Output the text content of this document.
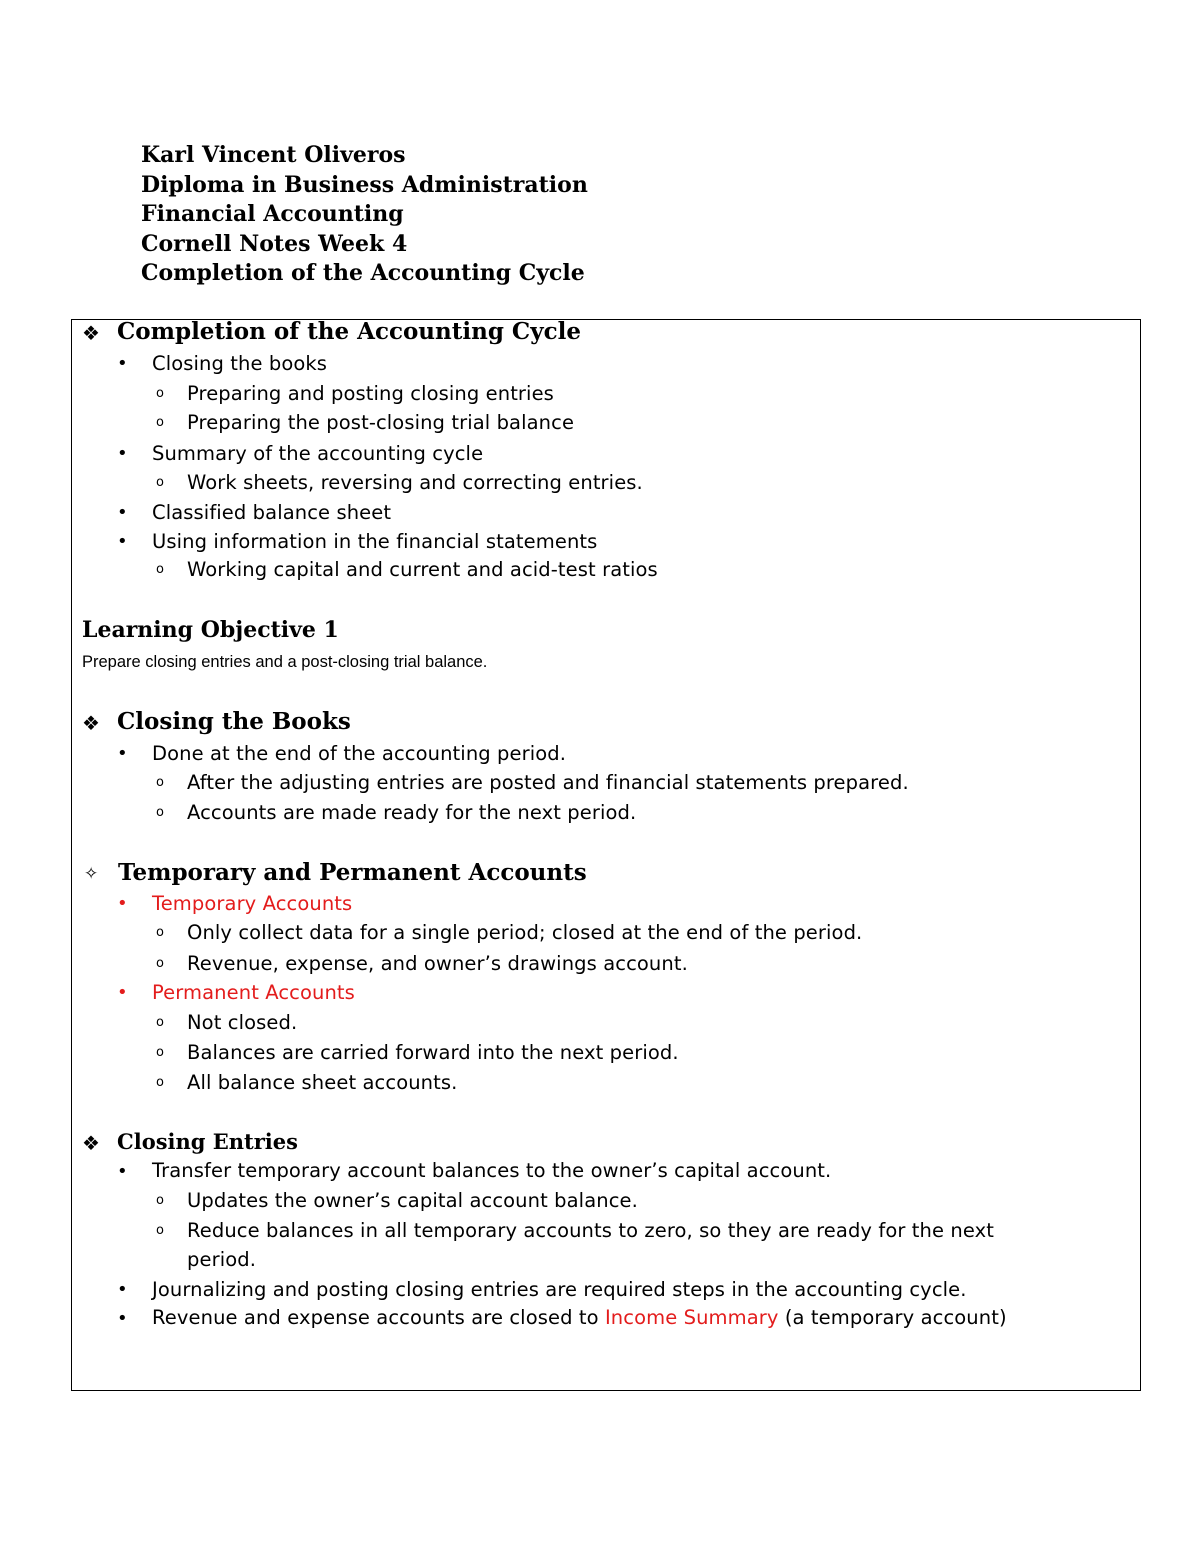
Karl Vincent Oliveros
Diploma in Business Administration
Financial Accounting
Cornell Notes Week 4
Completion of the Accounting Cycle
❖ Completion of the Accounting Cycle
• Closing the books
o Preparing and posting closing entries
o Preparing the post-closing trial balance
• Summary of the accounting cycle
o Work sheets, reversing and correcting entries.
• Classified balance sheet
• Using information in the financial statements
o Working capital and current and acid-test ratios
Learning Objective 1
Prepare closing entries and a post-closing trial balance.
❖ Closing the Books
• Done at the end of the accounting period.
o After the adjusting entries are posted and financial statements prepared.
o Accounts are made ready for the next period.
✧ Temporary and Permanent Accounts
• Temporary Accounts
o Only collect data for a single period; closed at the end of the period.
o Revenue, expense, and owner’s drawings account.
• Permanent Accounts
o Not closed.
o Balances are carried forward into the next period.
o All balance sheet accounts.
❖ Closing Entries
• Transfer temporary account balances to the owner’s capital account.
o Updates the owner’s capital account balance.
o Reduce balances in all temporary accounts to zero, so they are ready for the next
period.
• Journalizing and posting closing entries are required steps in the accounting cycle.
• Revenue and expense accounts are closed to Income Summary (a temporary account)
